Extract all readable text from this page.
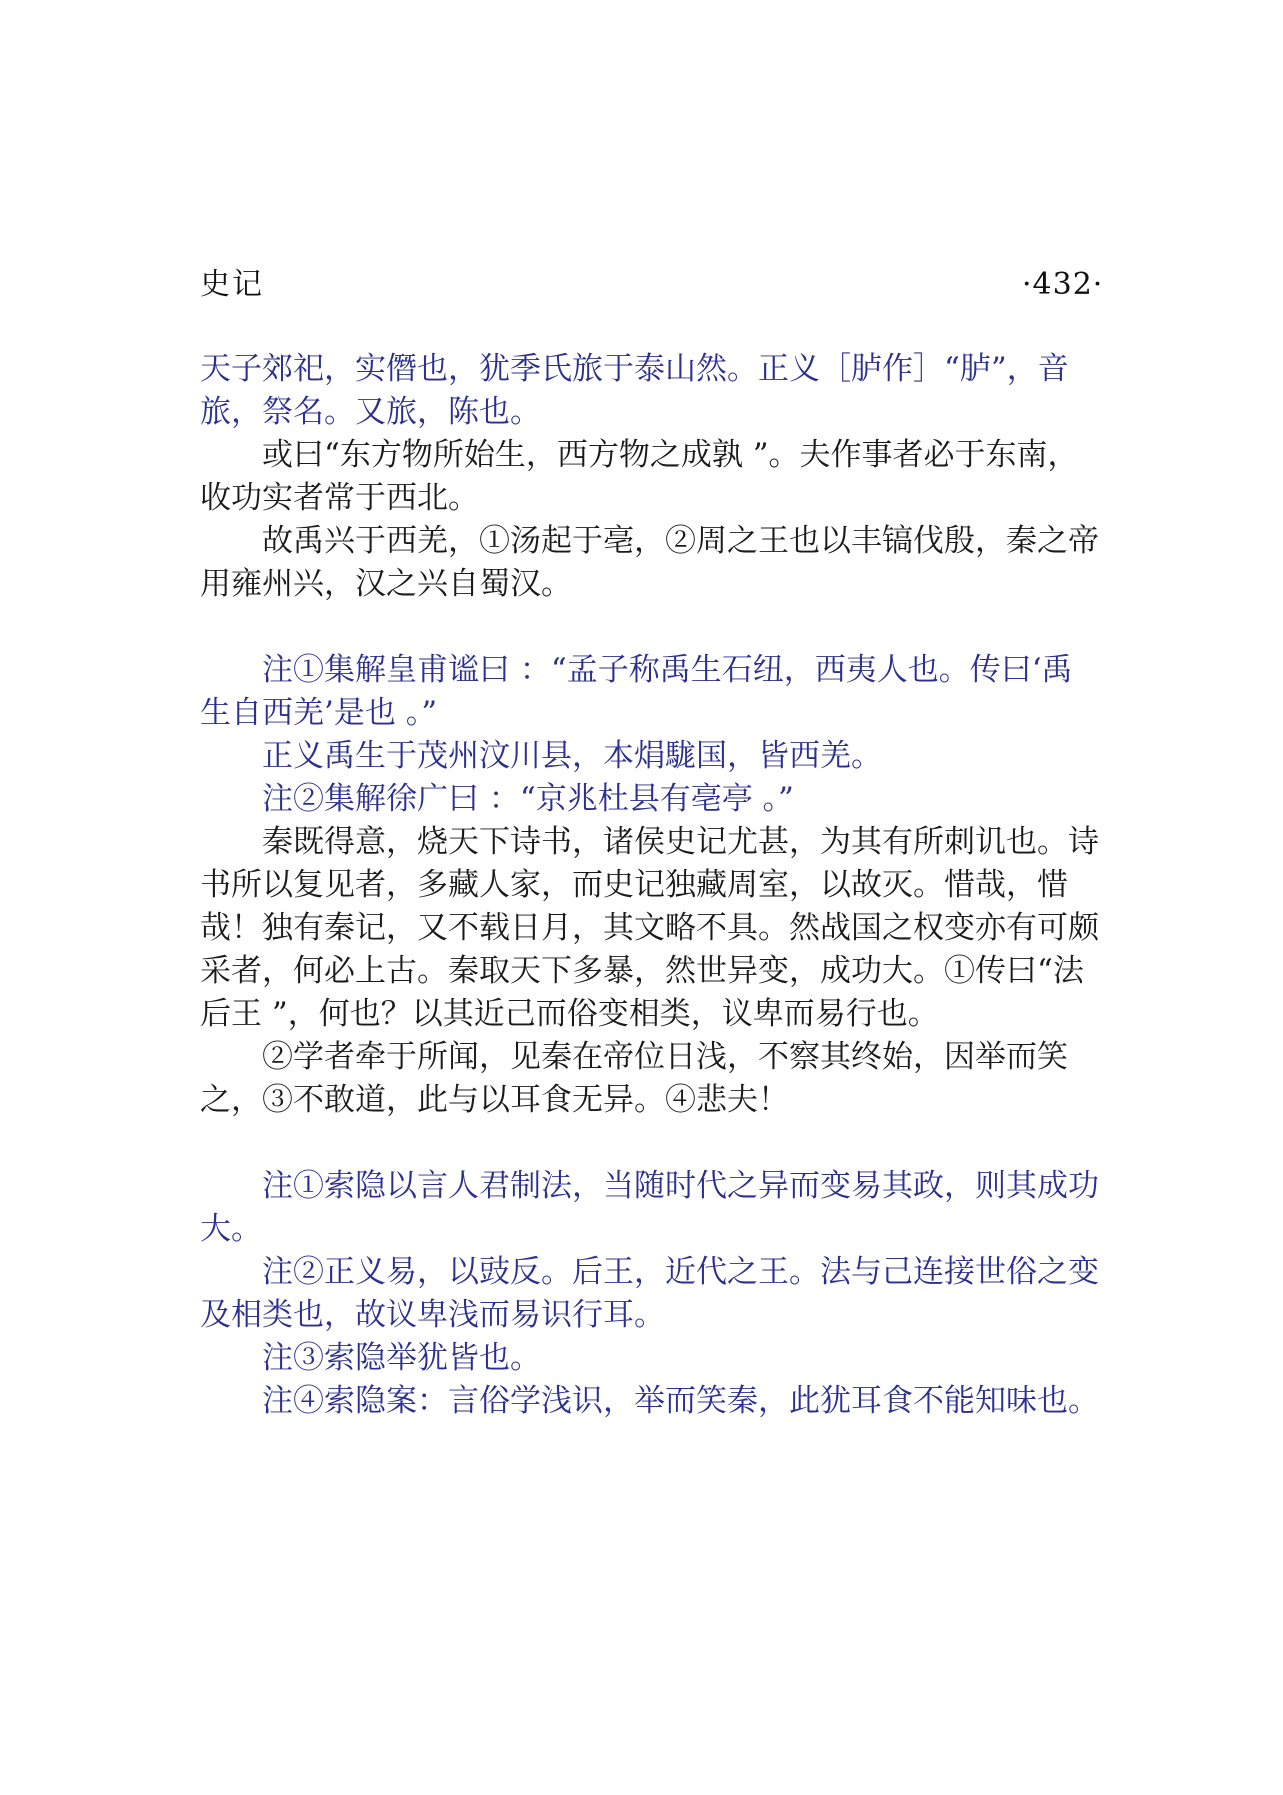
史记	·432·

天子郊祀，实僭也，犹季氏旅于泰山然。正义［胪作］“胪”，音旅，祭名。又旅，陈也。

或曰“东方物所始生，西方物之成孰 ”。夫作事者必于东南，收功实者常于西北。

故禹兴于西羌，①汤起于亳，②周之王也以丰镐伐殷，秦之帝用雍州兴，汉之兴自蜀汉。

注①集解皇甫谧曰 ：“孟子称禹生石纽，西夷人也。传曰‘禹生自西羌’是也 。”

正义禹生于茂州汶川县，本焆駹国，皆西羌。

注②集解徐广曰 ：“京兆杜县有亳亭 。”

秦既得意，烧天下诗书，诸侯史记尤甚，为其有所刺讥也。诗书所以复见者，多藏人家，而史记独藏周室，以故灭。惜哉，惜哉！独有秦记，又不载日月，其文略不具。然战国之权变亦有可颇采者，何必上古。秦取天下多暴，然世异变，成功大。①传曰“法后王 ”，何也？以其近己而俗变相类，议卑而易行也。

②学者牵于所闻，见秦在帝位日浅，不察其终始，因举而笑之，③不敢道，此与以耳食无异。④悲夫！

注①索隐以言人君制法，当随时代之异而变易其政，则其成功大。

注②正义易，以豉反。后王，近代之王。法与己连接世俗之变及相类也，故议卑浅而易识行耳。

注③索隐举犹皆也。

注④索隐案：言俗学浅识，举而笑秦，此犹耳食不能知味也。
